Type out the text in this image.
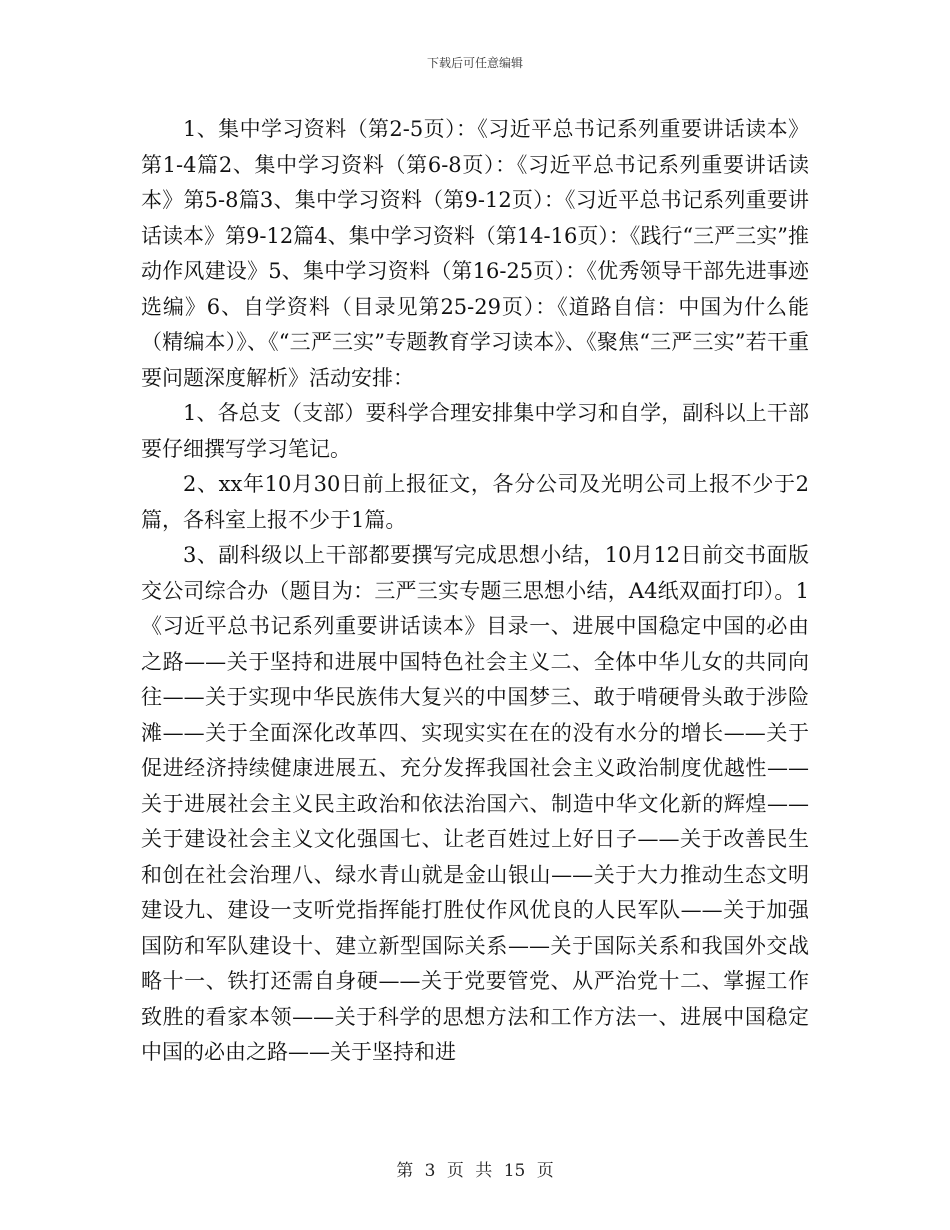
下载后可任意编辑

1、集中学习资料（第2-5页）：《习近平总书记系列重要讲话读本》第1-4篇2、集中学习资料（第6-8页）：《习近平总书记系列重要讲话读本》第5-8篇3、集中学习资料（第9-12页）：《习近平总书记系列重要讲话读本》第9-12篇4、集中学习资料（第14-16页）：《践行“三严三实”推动作风建设》5、集中学习资料（第16-25页）：《优秀领导干部先进事迹选编》6、自学资料（目录见第25-29页）：《道路自信：中国为什么能（精编本）》、《“三严三实”专题教育学习读本》、《聚焦“三严三实”若干重要问题深度解析》活动安排：

1、各总支（支部）要科学合理安排集中学习和自学，副科以上干部要仔细撰写学习笔记。

2、xx年10月30日前上报征文，各分公司及光明公司上报不少于2篇，各科室上报不少于1篇。

3、副科级以上干部都要撰写完成思想小结，10月12日前交书面版交公司综合办（题目为：三严三实专题三思想小结，A4纸双面打印）。1《习近平总书记系列重要讲话读本》目录一、进展中国稳定中国的必由之路——关于坚持和进展中国特色社会主义二、全体中华儿女的共同向往——关于实现中华民族伟大复兴的中国梦三、敢于啃硬骨头敢于涉险滩——关于全面深化改革四、实现实实在在的没有水分的增长——关于促进经济持续健康进展五、充分发挥我国社会主义政治制度优越性——关于进展社会主义民主政治和依法治国六、制造中华文化新的辉煌——关于建设社会主义文化强国七、让老百姓过上好日子——关于改善民生和创在社会治理八、绿水青山就是金山银山——关于大力推动生态文明建设九、建设一支听党指挥能打胜仗作风优良的人民军队——关于加强国防和军队建设十、建立新型国际关系——关于国际关系和我国外交战略十一、铁打还需自身硬——关于党要管党、从严治党十二、掌握工作致胜的看家本领——关于科学的思想方法和工作方法一、进展中国稳定中国的必由之路——关于坚持和进

第 3 页 共 15 页
